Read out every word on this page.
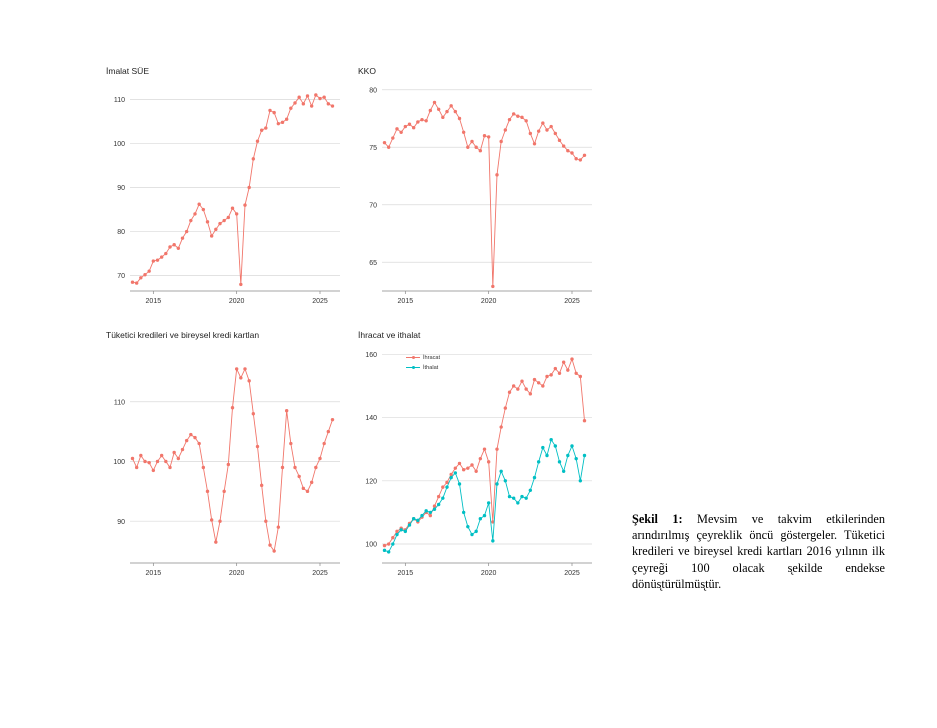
İmalat SÜE
70
80
90
100
110
2015	2020	2025
KKO
65
70
75
80
2015	2020	2025
Tüketici kredileri ve bireysel kredi kartlan
90
100
110
2015	2020	2025
İhracat ve ithalat
100
120
140
160
2015	2020	2025
İhracat
İthalat
Şekil 1: Mevsim ve takvim etkilerinden arındırılmış çeyreklik öncü göstergeler. Tüketici kredileri ve bireysel kredi kartları 2016 yılının ilk çeyreg̃i 100 olacak s̨ekilde endekse dönüs̨türülmüs̨tür.
